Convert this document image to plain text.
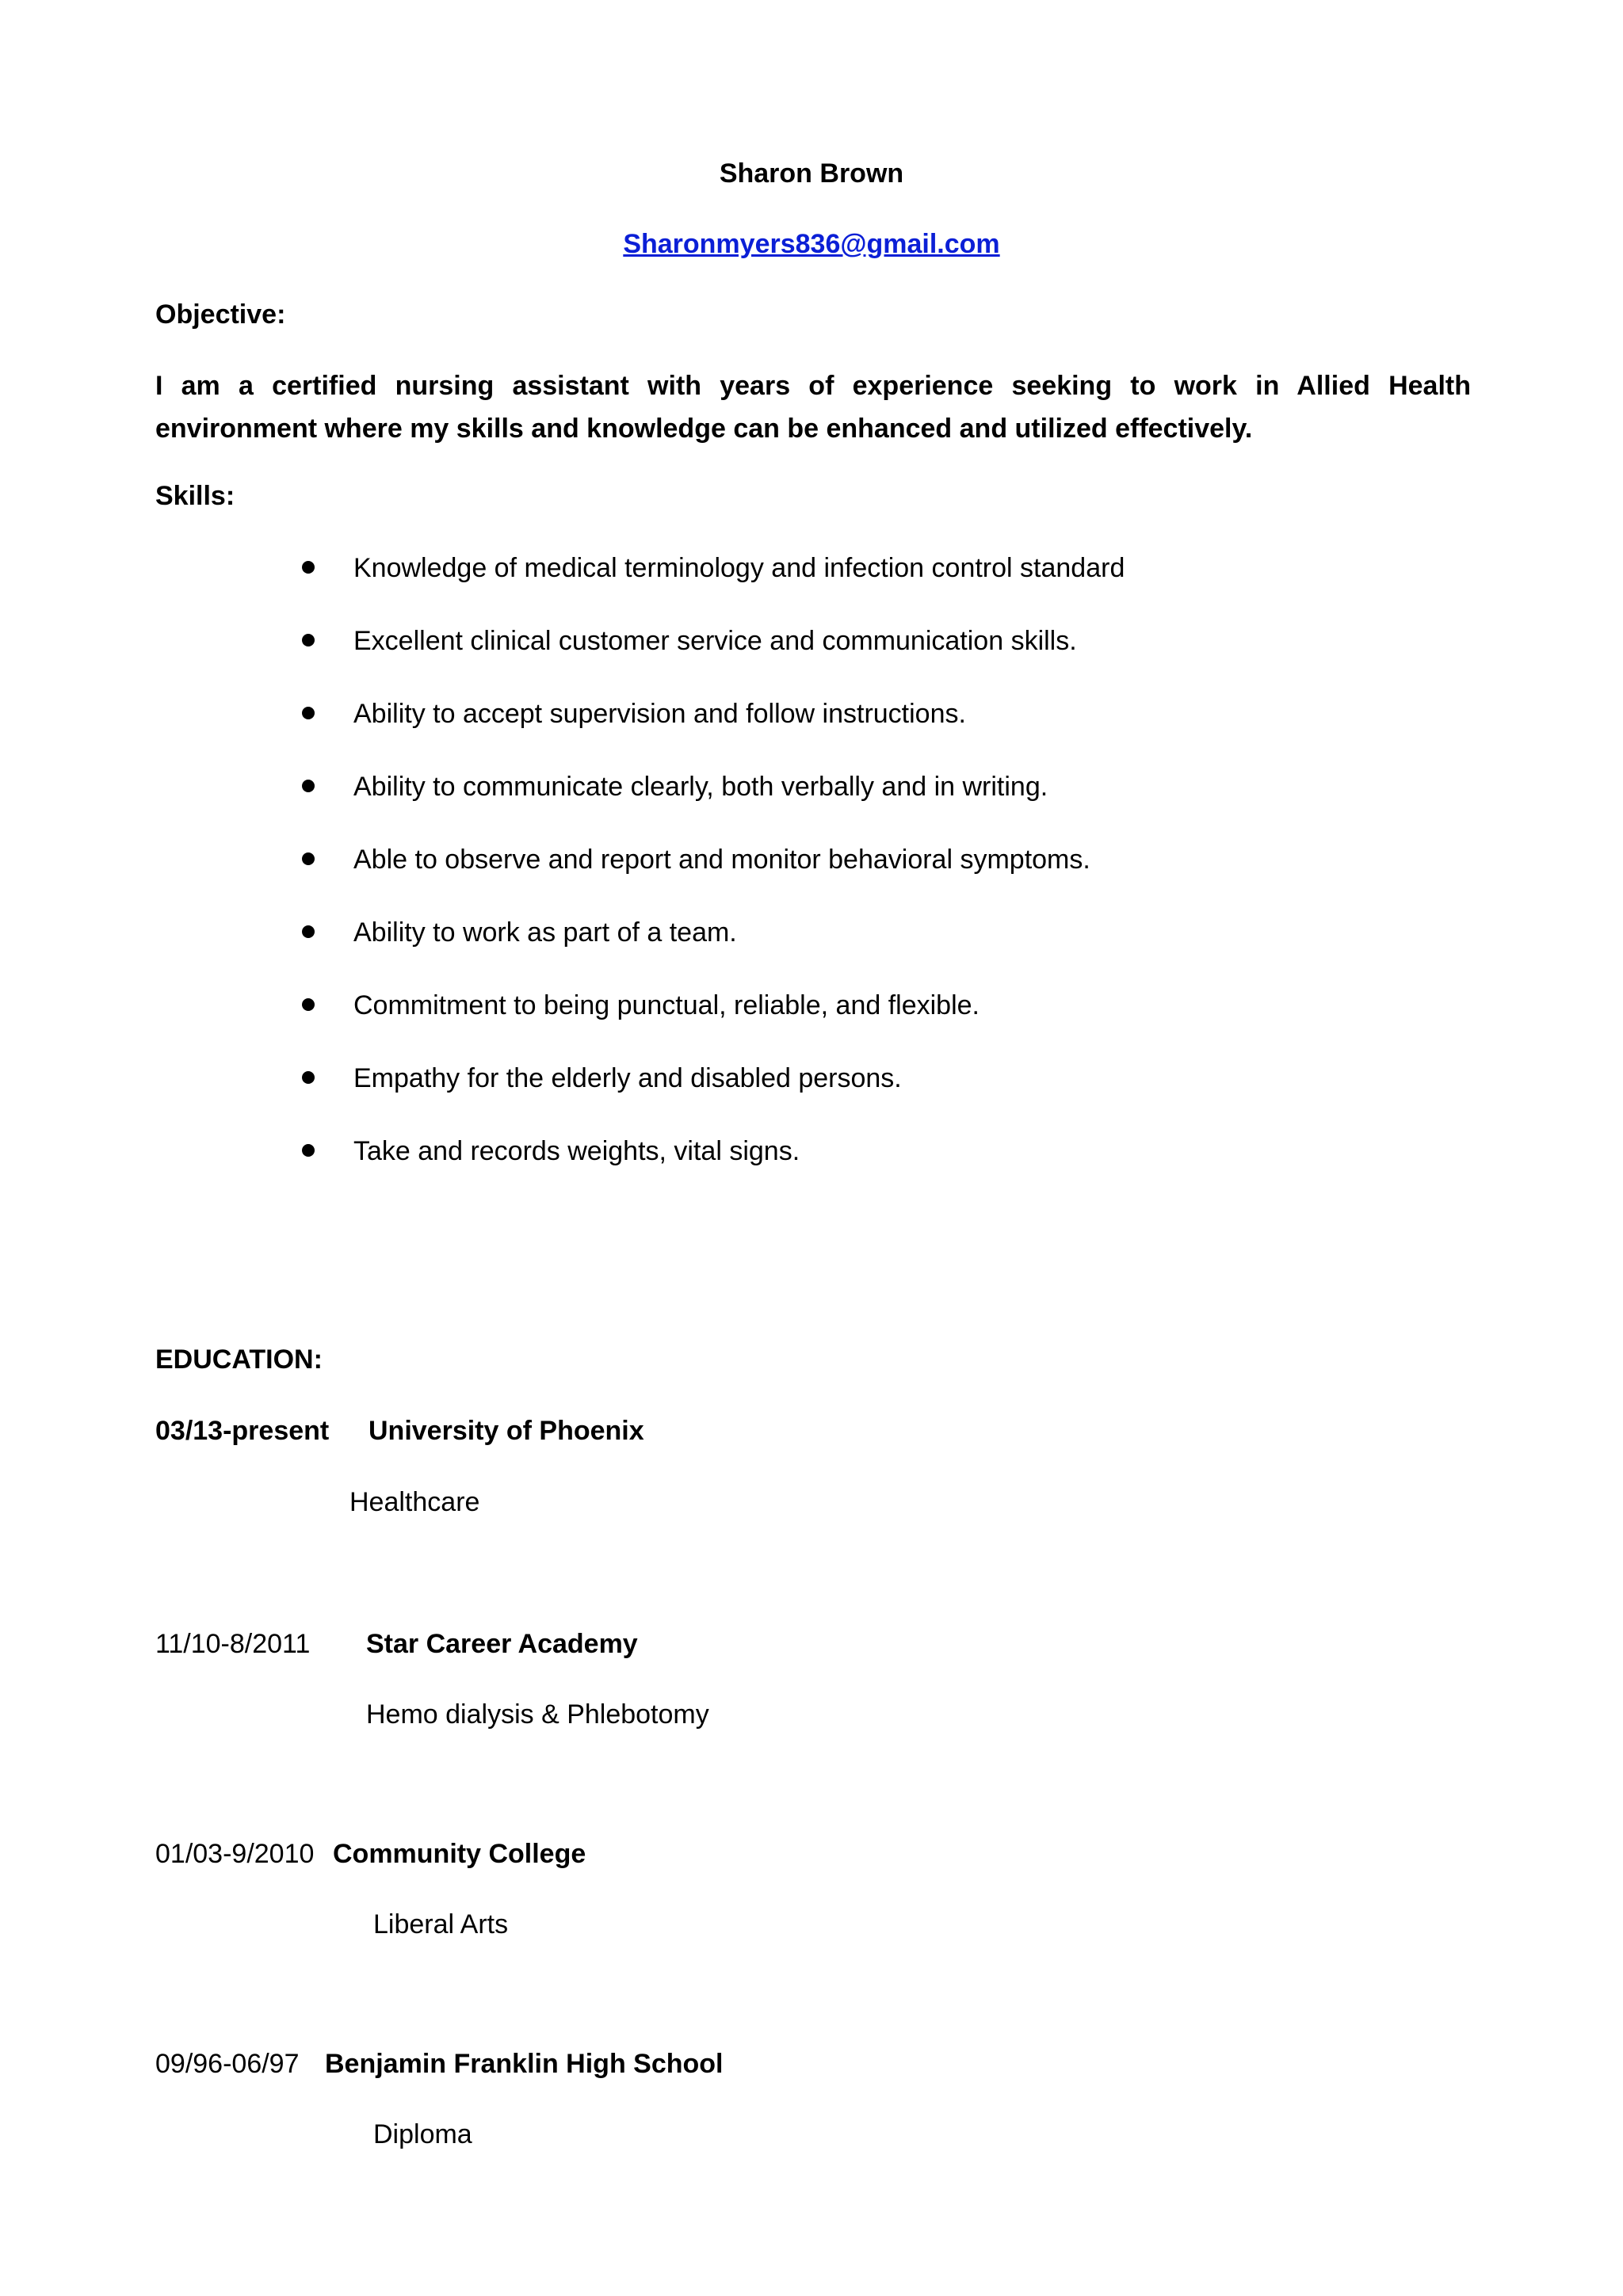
Sharon Brown
Sharonmyers836@gmail.com
Objective:
I am a certified nursing assistant with years of experience seeking to work in Allied Health environment where my skills and knowledge can be enhanced and utilized effectively.
Skills:
Knowledge of medical terminology and infection control standard
Excellent clinical customer service and communication skills.
Ability to accept supervision and follow instructions.
Ability to communicate clearly, both verbally and in writing.
Able to observe and report and monitor behavioral symptoms.
Ability to work as part of a team.
Commitment to being punctual, reliable, and flexible.
Empathy for the elderly and disabled persons.
Take and records weights, vital signs.
EDUCATION:
03/13-present University of Phoenix
Healthcare
11/10-8/2011 Star Career Academy
Hemo dialysis & Phlebotomy
01/03-9/2010 Community College
Liberal Arts
09/96-06/97 Benjamin Franklin High School
Diploma
